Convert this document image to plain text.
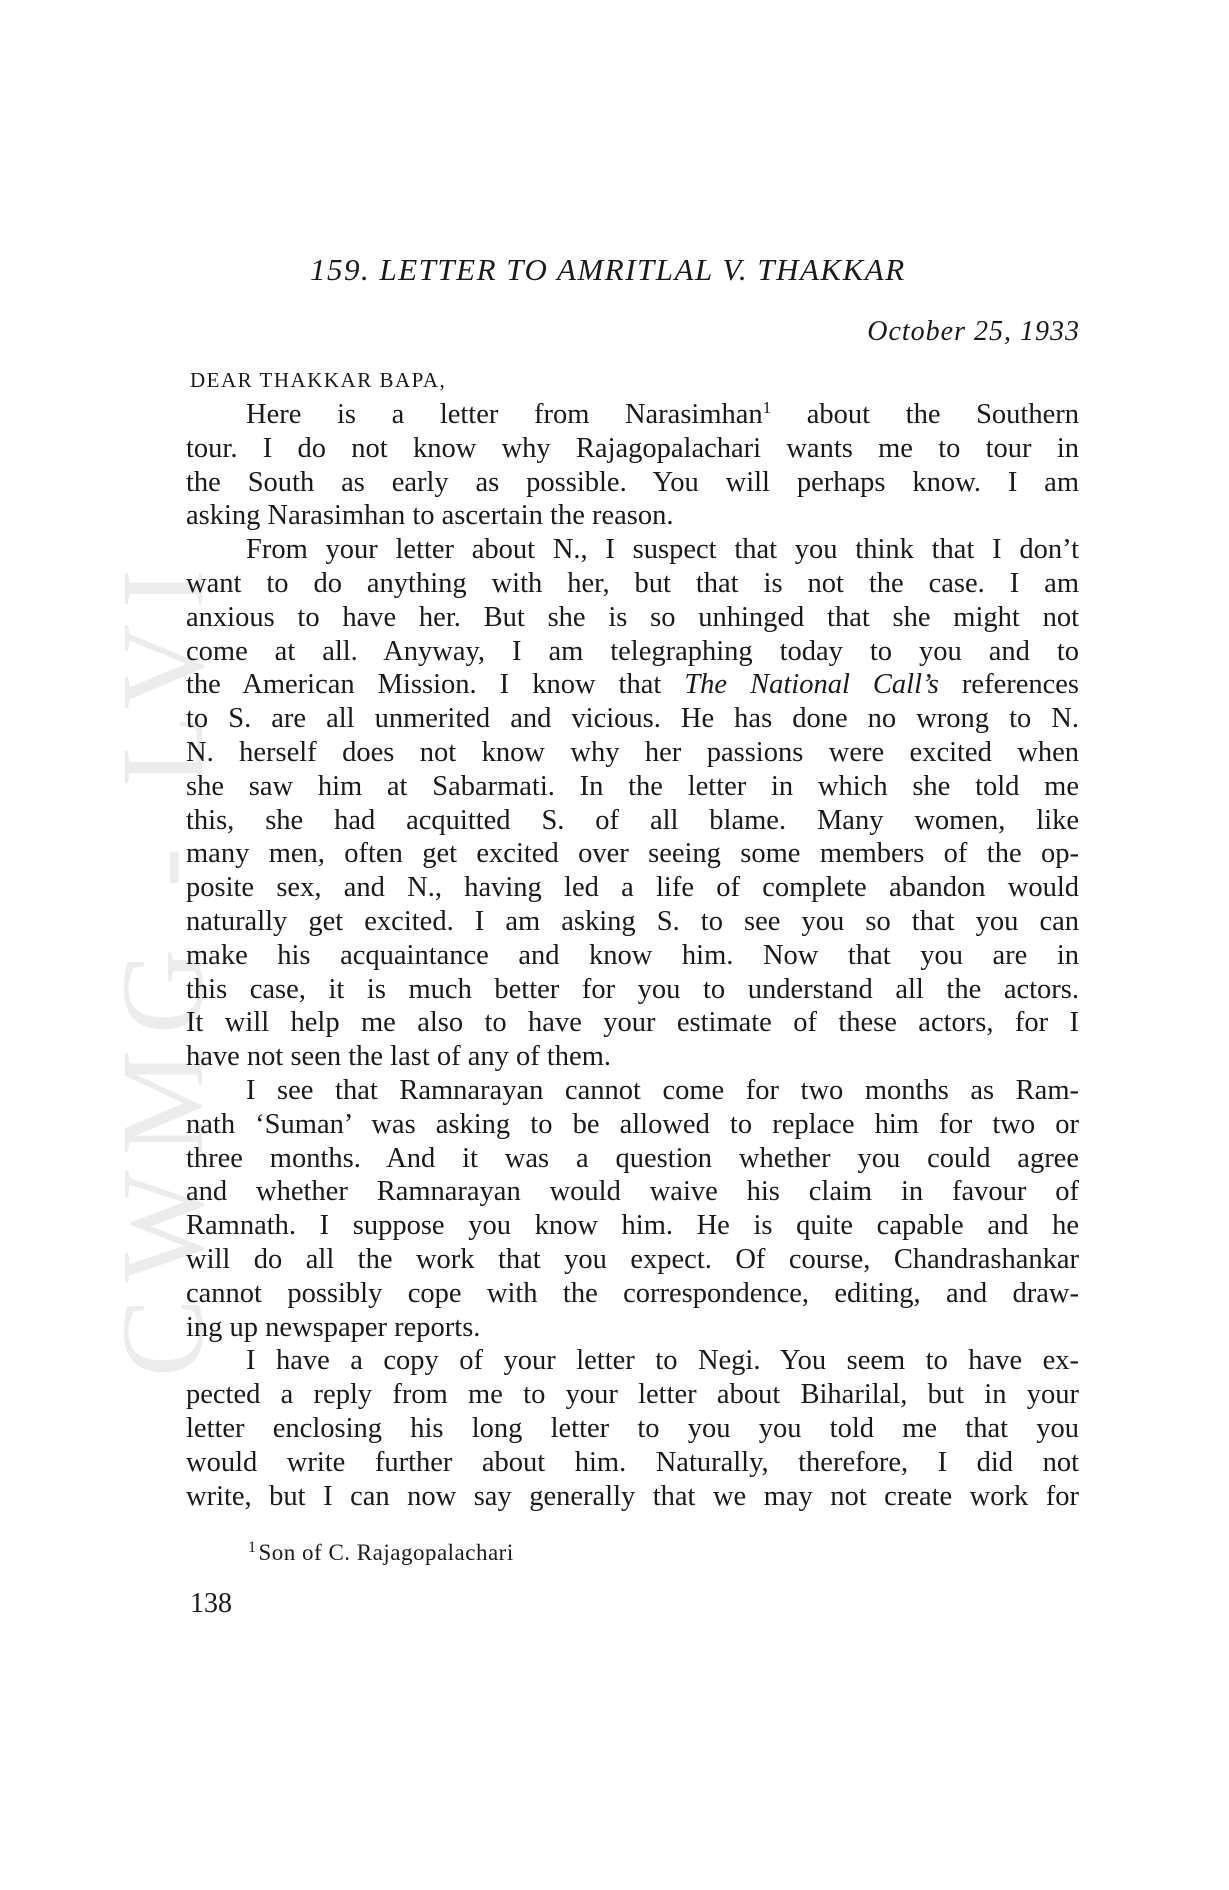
CWMG - LVI
159. LETTER TO AMRITLAL V. THAKKAR
October 25, 1933
DEAR THAKKAR BAPA,
Here is a letter from Narasimhan$^1$ about the Southern
tour. I do not know why Rajagopalachari wants me to tour in
the South as early as possible. You will perhaps know. I am
asking Narasimhan to ascertain the reason.
From your letter about N., I suspect that you think that I don’t
want to do anything with her, but that is not the case. I am
anxious to have her. But she is so unhinged that she might not
come at all. Anyway, I am telegraphing today to you and to
the American Mission. I know that The National Call’s references
to S. are all unmerited and vicious. He has done no wrong to N.
N. herself does not know why her passions were excited when
she saw him at Sabarmati. In the letter in which she told me
this, she had acquitted S. of all blame. Many women, like
many men, often get excited over seeing some members of the op-
posite sex, and N., having led a life of complete abandon would
naturally get excited. I am asking S. to see you so that you can
make his acquaintance and know him. Now that you are in
this case, it is much better for you to understand all the actors.
It will help me also to have your estimate of these actors, for I
have not seen the last of any of them.
I see that Ramnarayan cannot come for two months as Ram-
nath ‘Suman’ was asking to be allowed to replace him for two or
three months. And it was a question whether you could agree
and whether Ramnarayan would waive his claim in favour of
Ramnath. I suppose you know him. He is quite capable and he
will do all the work that you expect. Of course, Chandrashankar
cannot possibly cope with the correspondence, editing, and draw-
ing up newspaper reports.
I have a copy of your letter to Negi. You seem to have ex-
pected a reply from me to your letter about Biharilal, but in your
letter enclosing his long letter to you you told me that you
would write further about him. Naturally, therefore, I did not
write, but I can now say generally that we may not create work for
$^1$Son of C. Rajagopalachari
138
